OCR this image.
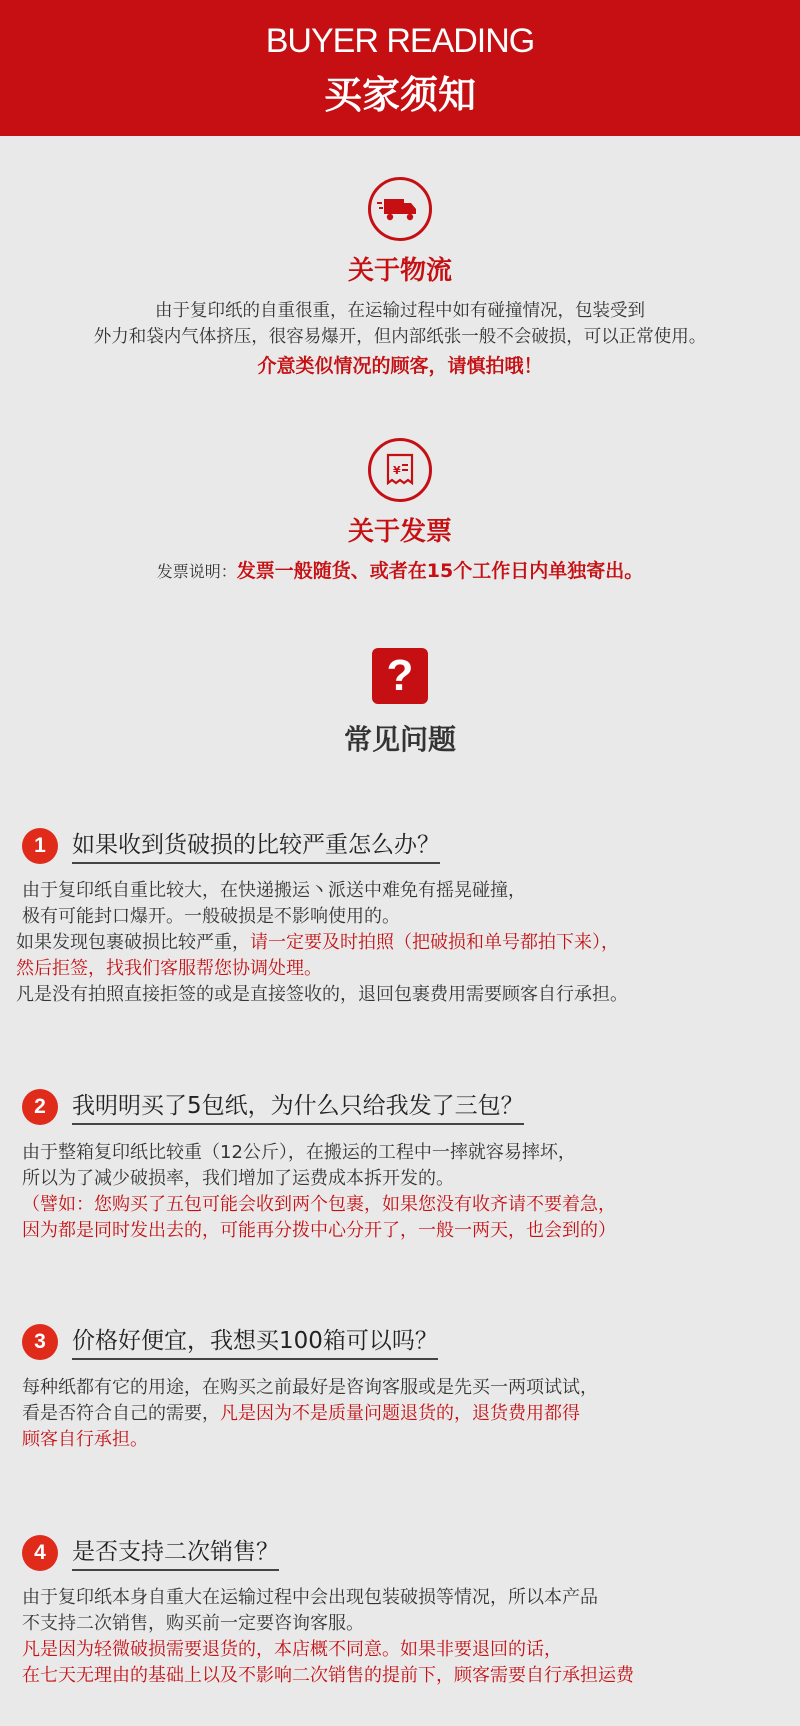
BUYER READING
买家须知
关于物流
由于复印纸的自重很重，在运输过程中如有碰撞情况，包装受到
外力和袋内气体挤压，很容易爆开，但内部纸张一般不会破损，可以正常使用。
介意类似情况的顾客，请慎拍哦！
¥
关于发票
发票说明：发票一般随货、或者在15个工作日内单独寄出。
?
常见问题
1	如果收到货破损的比较严重怎么办？

由于复印纸自重比较大，在快递搬运丶派送中难免有摇晃碰撞，

极有可能封口爆开。一般破损是不影响使用的。

如果发现包裹破损比较严重，请一定要及时拍照（把破损和单号都拍下来），

然后拒签，找我们客服帮您协调处理。

凡是没有拍照直接拒签的或是直接签收的，退回包裹费用需要顾客自行承担。

2	我明明买了5包纸，为什么只给我发了三包？

由于整箱复印纸比较重（12公斤），在搬运的工程中一摔就容易摔坏，

所以为了减少破损率，我们增加了运费成本拆开发的。

（譬如：您购买了五包可能会收到两个包裹，如果您没有收齐请不要着急，

因为都是同时发出去的，可能再分拨中心分开了，一般一两天，也会到的）

3	价格好便宜，我想买100箱可以吗？

每种纸都有它的用途，在购买之前最好是咨询客服或是先买一两项试试，

看是否符合自己的需要，凡是因为不是质量问题退货的，退货费用都得

顾客自行承担。

4	是否支持二次销售？

由于复印纸本身自重大在运输过程中会出现包装破损等情况，所以本产品

不支持二次销售，购买前一定要咨询客服。

凡是因为轻微破损需要退货的，本店概不同意。如果非要退回的话，

在七天无理由的基础上以及不影响二次销售的提前下，顾客需要自行承担运费
